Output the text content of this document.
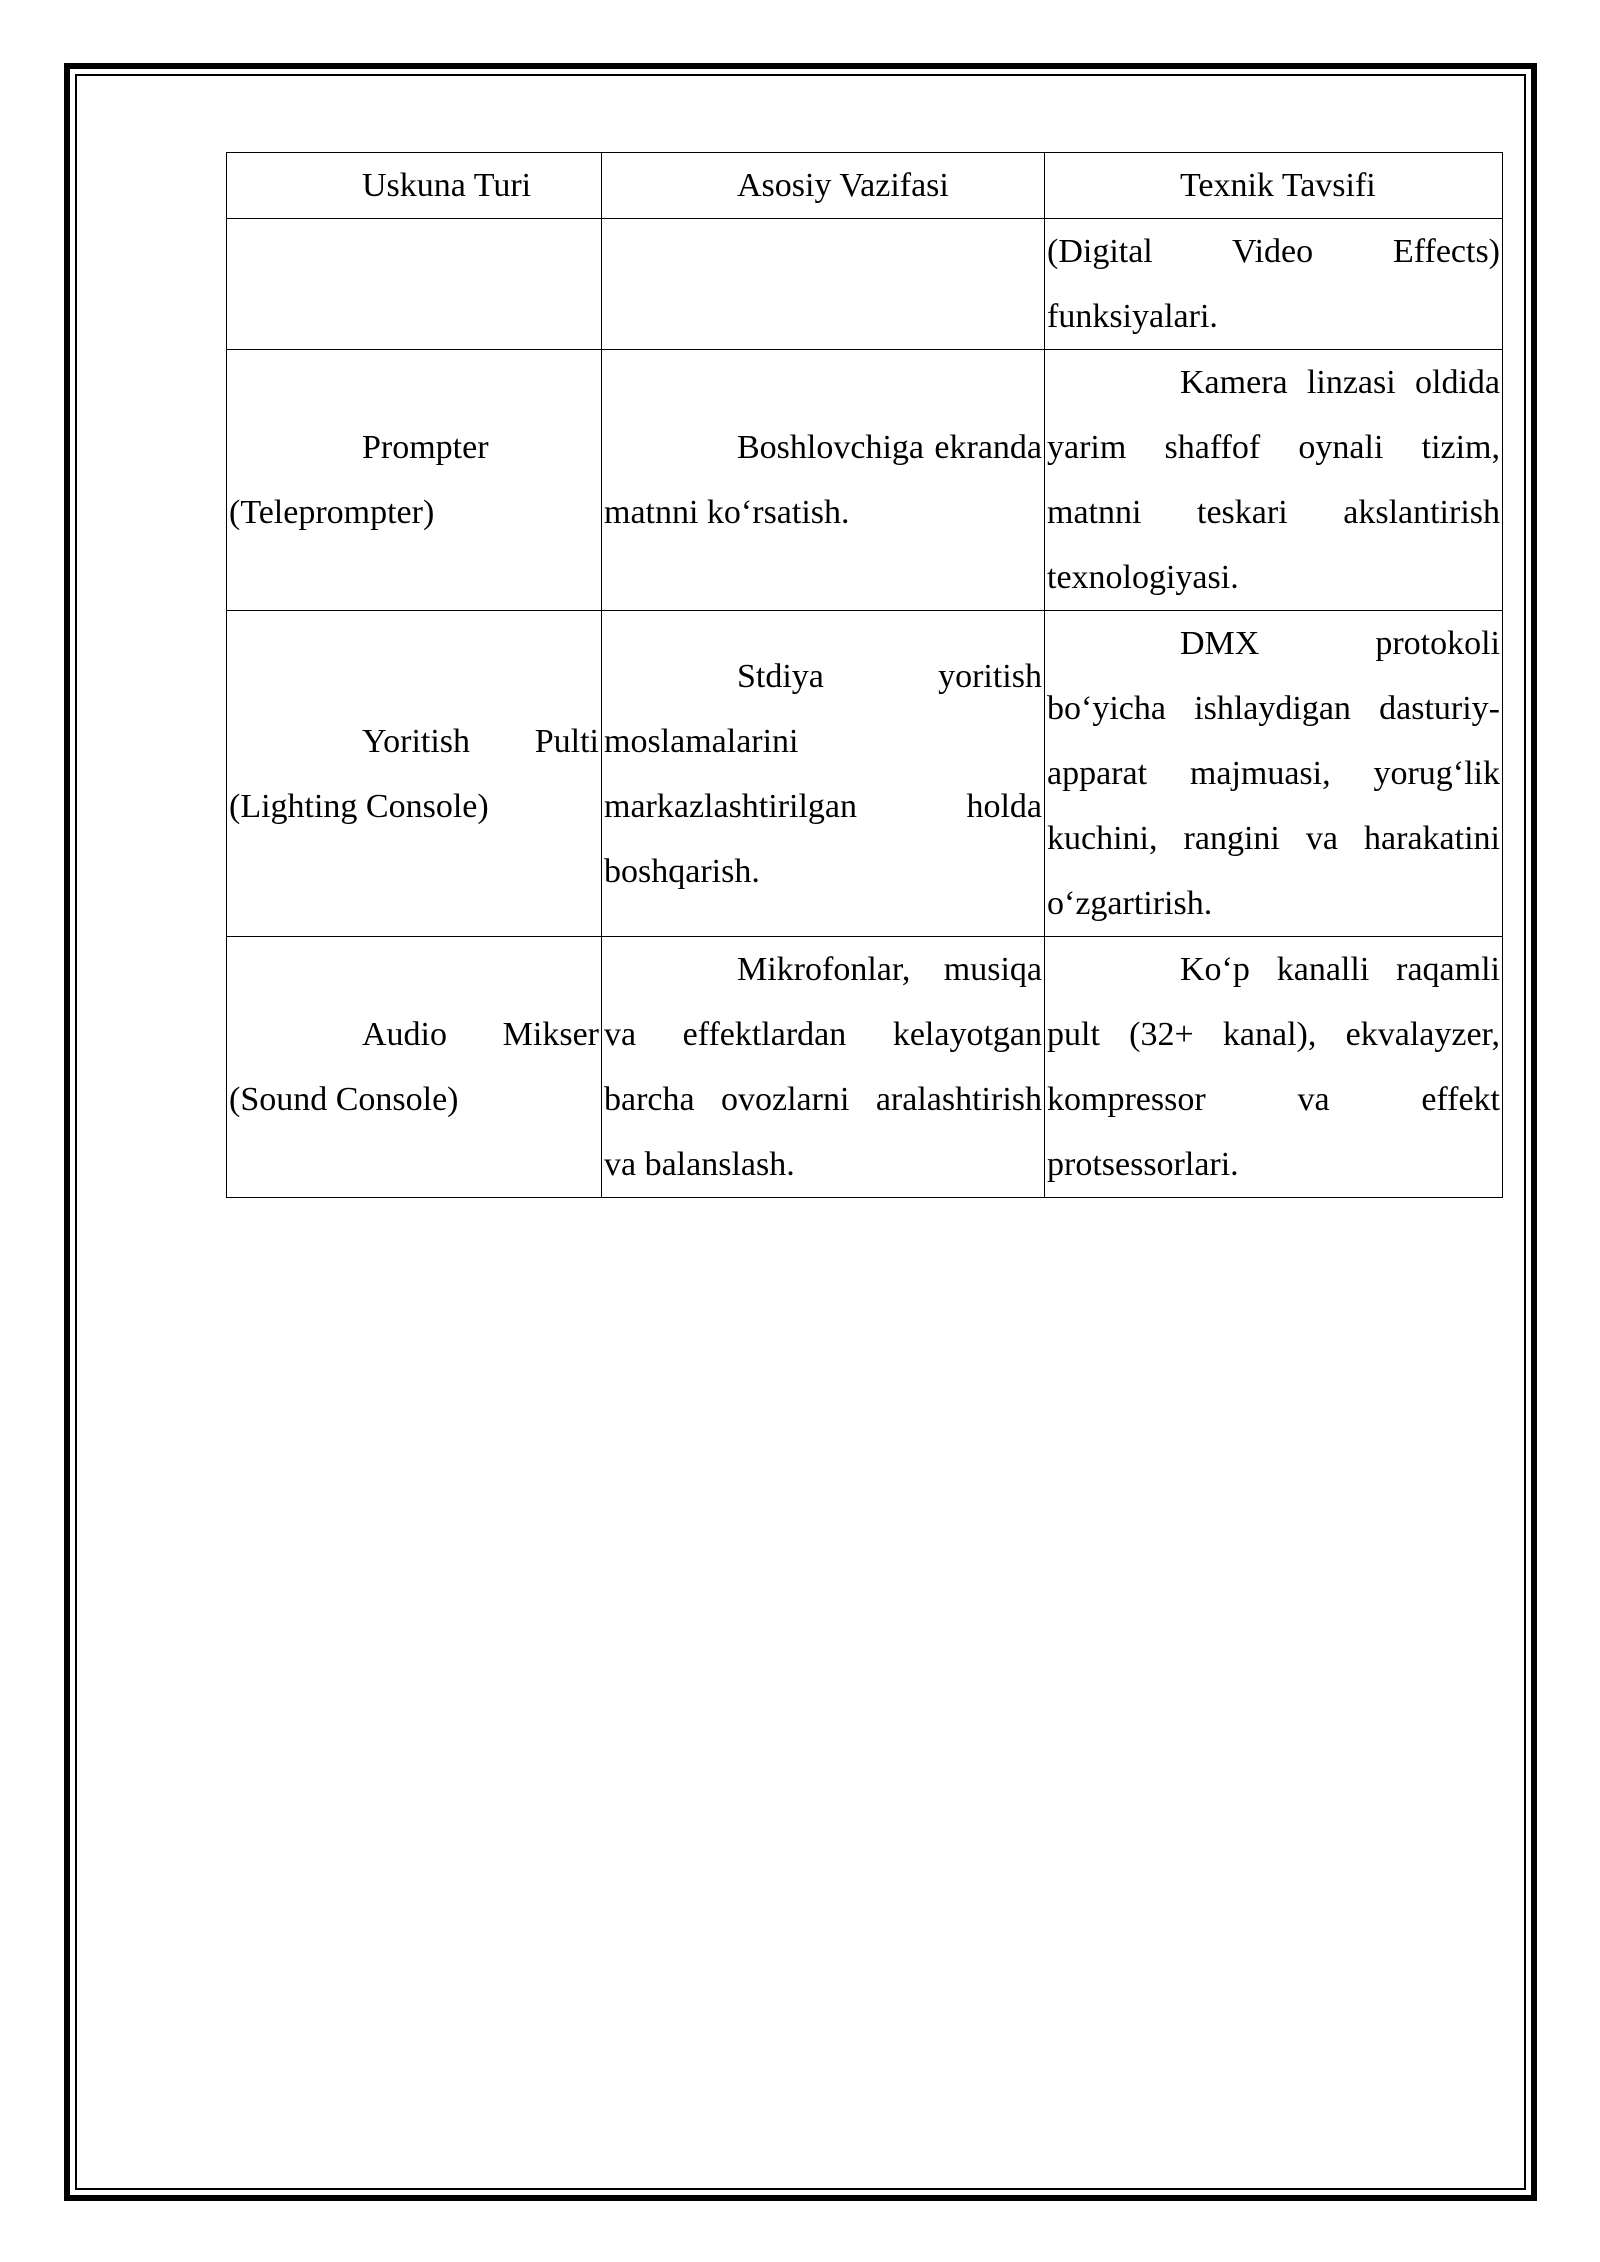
Uskuna Turi	Asosiy Vazifasi	Texnik Tavsifi

		(Digital Video Effects) funksiyalari.

Prompter (Teleprompter)	Boshlovchiga ekranda matnni ko‘rsatish.	Kamera linzasi oldida yarim shaffof oynali tizim, matnni teskari akslantirish texnologiyasi.

Yoritish Pulti (Lighting Console)	Stdiya yoritish moslamalarini markazlashtirilgan holda boshqarish.	DMX protokoli bo‘yicha ishlaydigan dasturiy-apparat majmuasi, yorug‘lik kuchini, rangini va harakatini o‘zgartirish.

Audio Mikser (Sound Console)	Mikrofonlar, musiqa va effektlardan kelayotgan barcha ovozlarni aralashtirish va balanslash.	Ko‘p kanalli raqamli pult (32+ kanal), ekvalayzer, kompressor va effekt protsessorlari.
